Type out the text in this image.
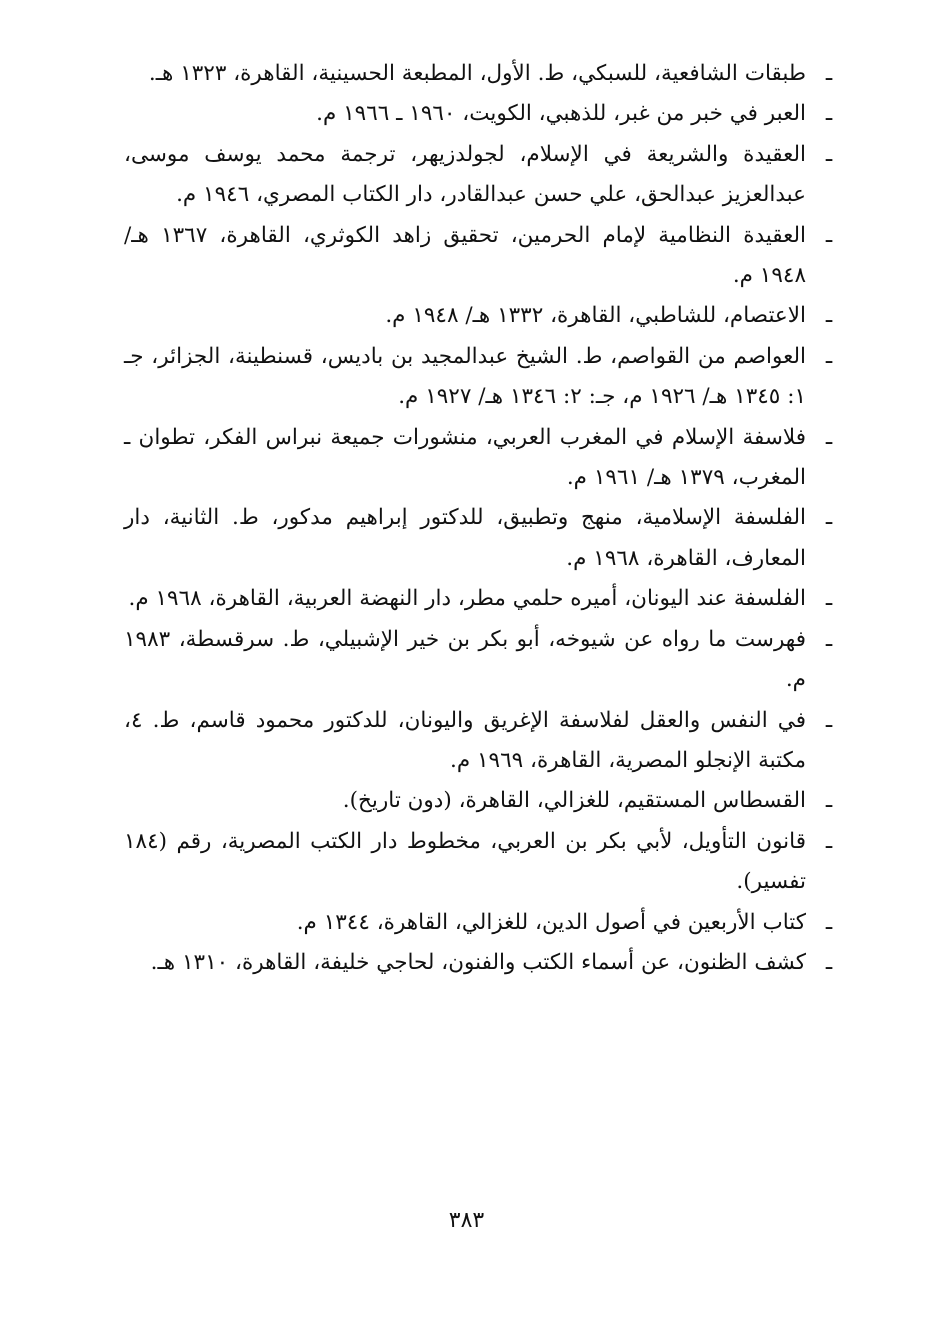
ـ
طبقات الشافعية، للسبكي، ط. الأول، المطبعة الحسينية، القاهرة، ١٣٢٣ هـ.
ـ
العبر في خبر من غبر، للذهبي، الكويت، ١٩٦٠ ـ ١٩٦٦ م.
ـ
العقيدة والشريعة في الإسلام، لجولدزيهر، ترجمة محمد يوسف موسى، عبدالعزيز عبدالحق، علي حسن عبدالقادر، دار الكتاب المصري، ١٩٤٦ م.
ـ
العقيدة النظامية لإمام الحرمين، تحقيق زاهد الكوثري، القاهرة، ١٣٦٧ هـ/ ١٩٤٨ م.
ـ
الاعتصام، للشاطبي، القاهرة، ١٣٣٢ هـ/ ١٩٤٨ م.
ـ
العواصم من القواصم، ط. الشيخ عبدالمجيد بن باديس، قسنطينة، الجزائر، جـ ١: ١٣٤٥ هـ/ ١٩٢٦ م، جـ: ٢: ١٣٤٦ هـ/ ١٩٢٧ م.
ـ
فلاسفة الإسلام في المغرب العربي، منشورات جميعة نبراس الفكر، تطوان ـ المغرب، ١٣٧٩ هـ/ ١٩٦١ م.
ـ
الفلسفة الإسلامية، منهج وتطبيق، للدكتور إبراهيم مدكور، ط. الثانية، دار المعارف، القاهرة، ١٩٦٨ م.
ـ
الفلسفة عند اليونان، أميره حلمي مطر، دار النهضة العربية، القاهرة، ١٩٦٨ م.
ـ
فهرست ما رواه عن شيوخه، أبو بكر بن خير الإشبيلي، ط. سرقسطة، ١٩٨٣ م.
ـ
في النفس والعقل لفلاسفة الإغريق واليونان، للدكتور محمود قاسم، ط. ٤، مكتبة الإنجلو المصرية، القاهرة، ١٩٦٩ م.
ـ
القسطاس المستقيم، للغزالي، القاهرة، (دون تاريخ).
ـ
قانون التأويل، لأبي بكر بن العربي، مخطوط دار الكتب المصرية، رقم (١٨٤ تفسير).
ـ
كتاب الأربعين في أصول الدين، للغزالي، القاهرة، ١٣٤٤ م.
ـ
كشف الظنون، عن أسماء الكتب والفنون، لحاجي خليفة، القاهرة، ١٣١٠ هـ.
٣٨٣
